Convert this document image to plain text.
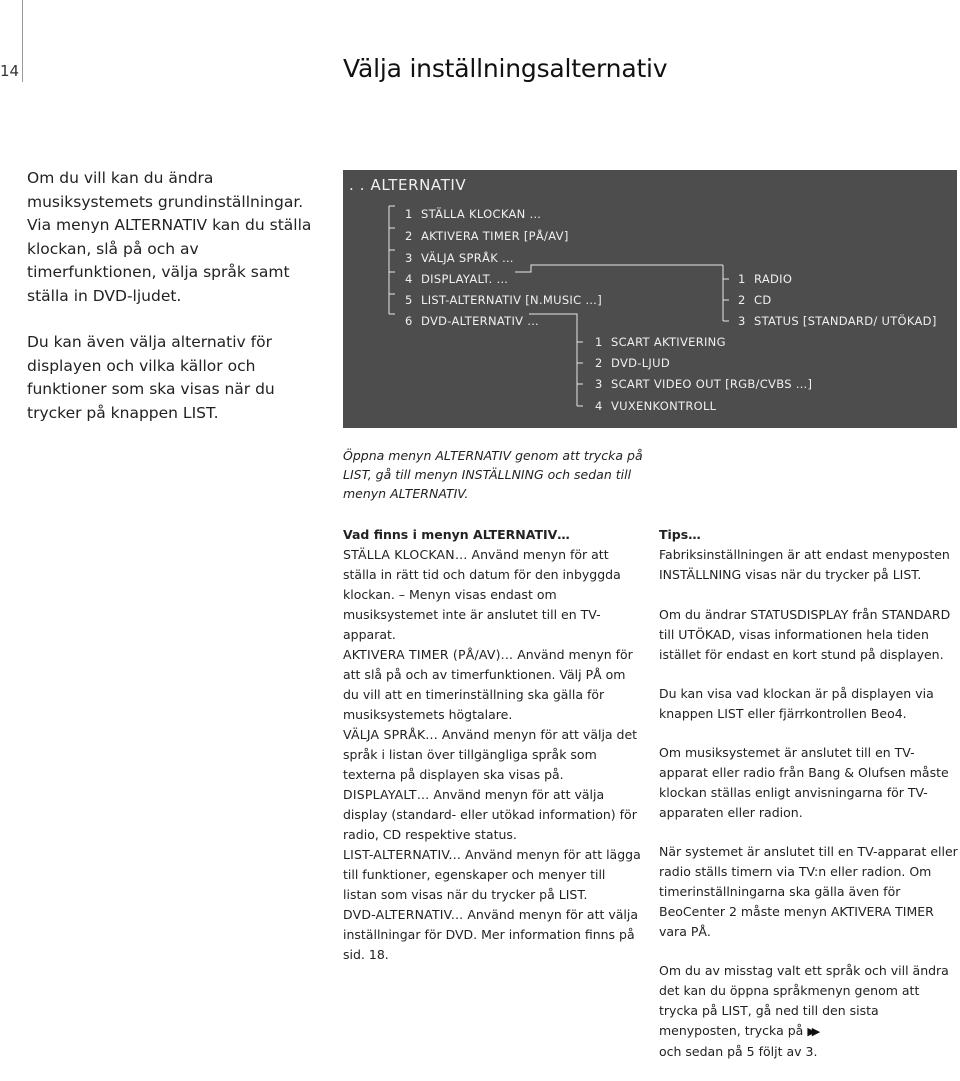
14	Välja inställningsalternativ
Om du vill kan du ändra musiksystemets grundinställningar. Via menyn ALTERNATIV kan du ställa klockan, slå på och av timerfunktionen, välja språk samt ställa in DVD-ljudet.
Du kan även välja alternativ för displayen och vilka källor och funktioner som ska visas när du trycker på knappen LIST.
. . ALTERNATIV
1 STÄLLA KLOCKAN …
2 AKTIVERA TIMER [PÅ/AV]
3 VÄLJA SPRÅK …
4 DISPLAYALT. …
5 LIST-ALTERNATIV [N.MUSIC …]
6 DVD-ALTERNATIV …
1 RADIO
2 CD
3 STATUS [STANDARD/ UTÖKAD]
1 SCART AKTIVERING
2 DVD-LJUD
3 SCART VIDEO OUT [RGB/CVBS …]
4 VUXENKONTROLL
Öppna menyn ALTERNATIV genom att trycka på LIST, gå till menyn INSTÄLLNING och sedan till menyn ALTERNATIV.
Vad finns i menyn ALTERNATIV…
STÄLLA KLOCKAN… Använd menyn för att ställa in rätt tid och datum för den inbyggda klockan. – Menyn visas endast om musiksystemet inte är anslutet till en TV-apparat.
AKTIVERA TIMER (PÅ/AV)... Använd menyn för att slå på och av timerfunktionen. Välj PÅ om du vill att en timerinställning ska gälla för musiksystemets högtalare.
VÄLJA SPRÅK... Använd menyn för att välja det språk i listan över tillgängliga språk som texterna på displayen ska visas på.
DISPLAYALT… Använd menyn för att välja display (standard- eller utökad information) för radio, CD respektive status.
LIST-ALTERNATIV... Använd menyn för att lägga till funktioner, egenskaper och menyer till listan som visas när du trycker på LIST.
DVD-ALTERNATIV... Använd menyn för att välja inställningar för DVD. Mer information finns på sid. 18.
Tips…

Fabriksinställningen är att endast menyposten INSTÄLLNING visas när du trycker på LIST.

Om du ändrar STATUSDISPLAY från STANDARD till UTÖKAD, visas informationen hela tiden istället för endast en kort stund på displayen.

Du kan visa vad klockan är på displayen via knappen LIST eller fjärrkontrollen Beo4.

Om musiksystemet är anslutet till en TV-apparat eller radio från Bang & Olufsen måste klockan ställas enligt anvisningarna för TV-apparaten eller radion.

När systemet är anslutet till en TV-apparat eller radio ställs timern via TV:n eller radion. Om timerinställningarna ska gälla även för BeoCenter 2 måste menyn AKTIVERA TIMER vara PÅ.

Om du av misstag valt ett språk och vill ändra det kan du öppna språkmenyn genom att trycka på LIST, gå ned till den sista menyposten, trycka på ▶▶
och sedan på 5 följt av 3.
